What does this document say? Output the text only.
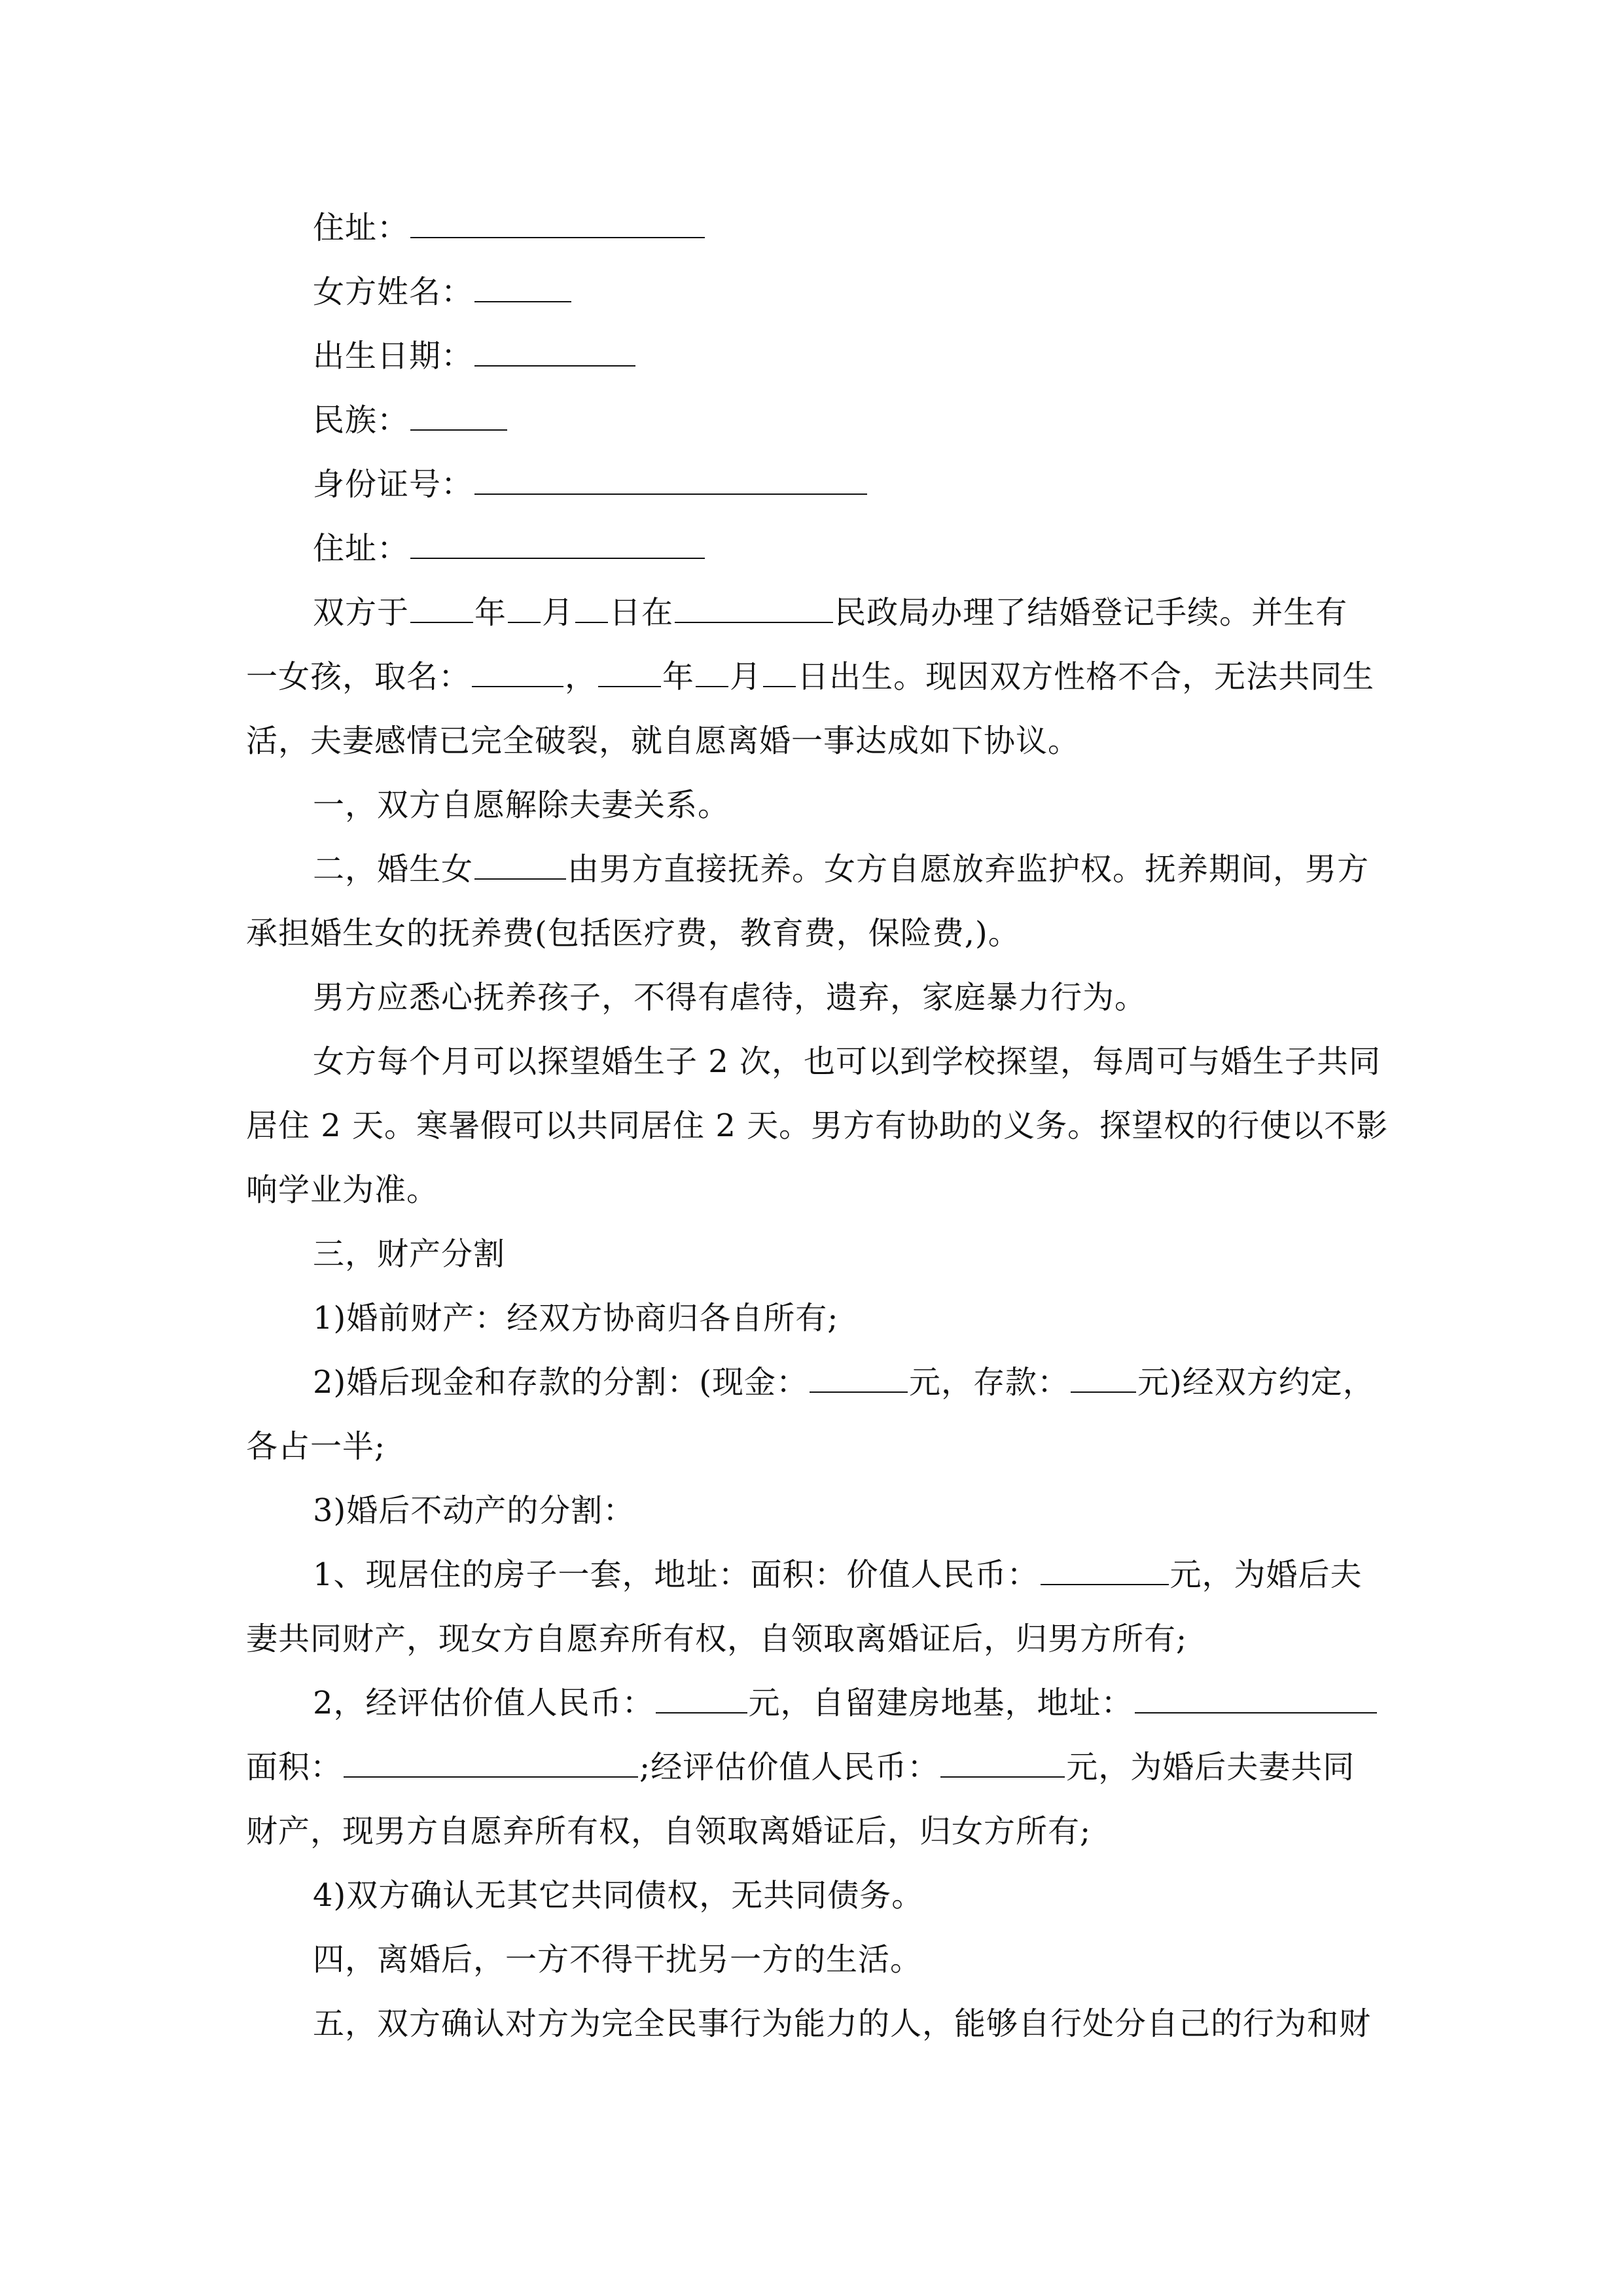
住址：
女方姓名：
出生日期：
民族：
身份证号：
住址：
双方于 年 月 日在	民政局办理了结婚登记手续。并生有
一女孩，取名：	， 年 月 日出生。现因双方性格不合，无法共同生
活，夫妻感情已完全破裂，就自愿离婚一事达成如下协议。
一，双方自愿解除夫妻关系。
二，婚生女	由男方直接抚养。女方自愿放弃监护权。抚养期间，男方
承担婚生女的抚养费(包括医疗费，教育费，保险费,)。
男方应悉心抚养孩子，不得有虐待，遗弃，家庭暴力行为。
女方每个月可以探望婚生子 2 次，也可以到学校探望，每周可与婚生子共同
居住 2 天。寒暑假可以共同居住 2 天。男方有协助的义务。探望权的行使以不影
响学业为准。
三，财产分割
1)婚前财产：经双方协商归各自所有;
2)婚后现金和存款的分割：(现金：	元，存款： 元)经双方约定，
各占一半;
3)婚后不动产的分割：
1、现居住的房子一套，地址：面积：价值人民币：	元，为婚后夫
妻共同财产，现女方自愿弃所有权，自领取离婚证后，归男方所有;
2，经评估价值人民币：	元，自留建房地基，地址：
面积：	;经评估价值人民币：	元，为婚后夫妻共同
财产，现男方自愿弃所有权，自领取离婚证后，归女方所有;
4)双方确认无其它共同债权，无共同债务。
四，离婚后，一方不得干扰另一方的生活。
五，双方确认对方为完全民事行为能力的人，能够自行处分自己的行为和财
